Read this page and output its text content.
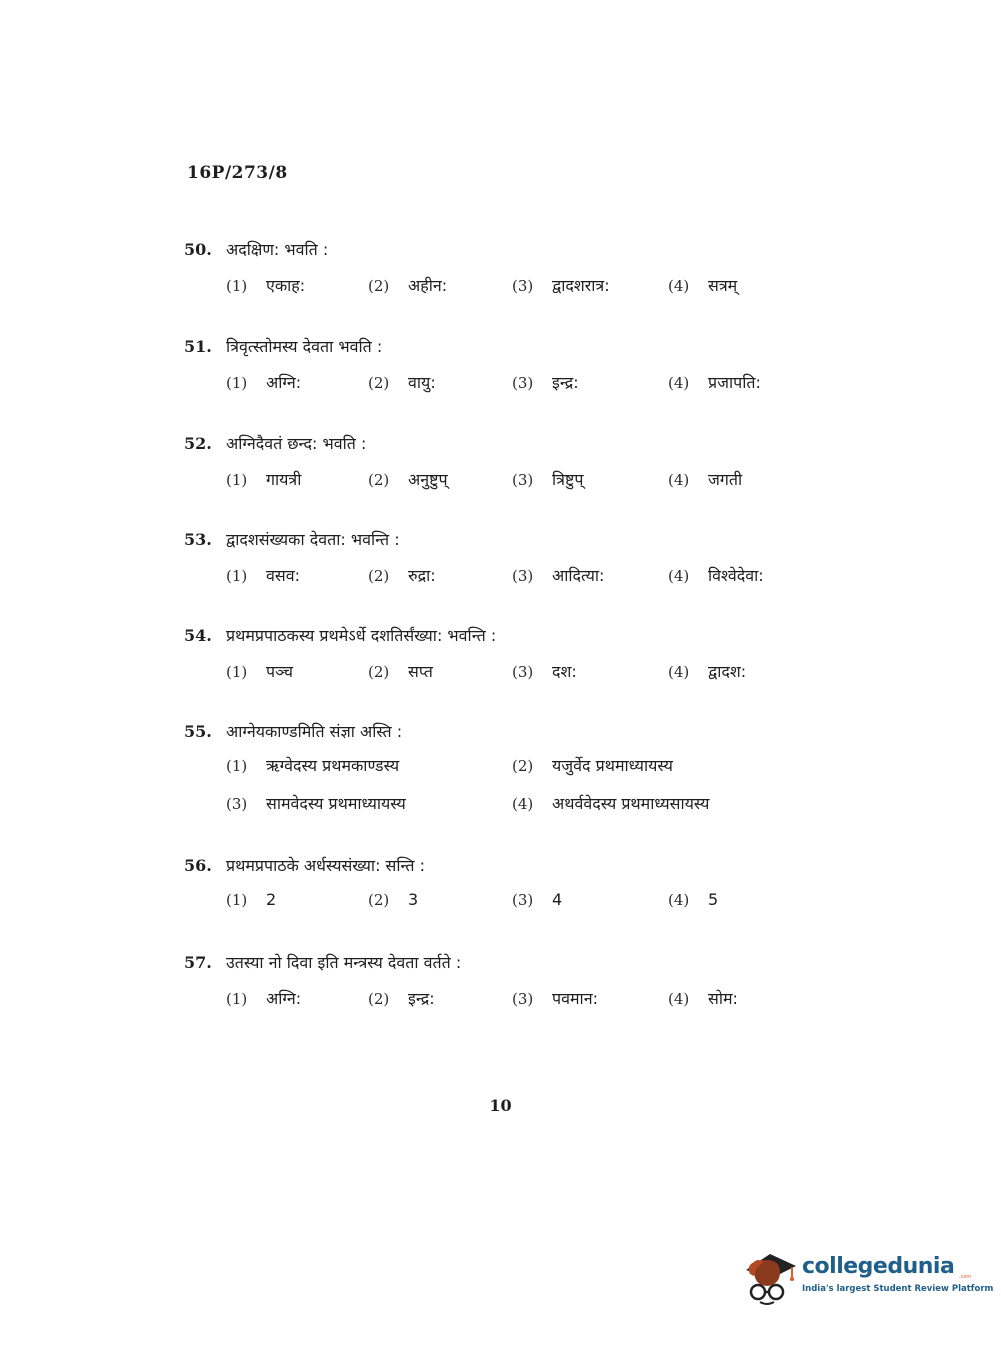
16P/273/8
50. अदक्षिण: भवति :
(1)	एकाह:	(2)	अहीन:	(3)	द्वादशरात्र:	(4)	सत्रम्
51. त्रिवृत्स्तोमस्य देवता भवति :
(1)	अग्नि:	(2)	वायु:	(3)	इन्द्र:	(4)	प्रजापति:
52. अग्निदैवतं छन्द: भवति :
(1)	गायत्री	(2)	अनुष्टुप्	(3)	त्रिष्टुप्	(4)	जगती
53. द्वादशसंख्यका देवता: भवन्ति :
(1)	वसव:	(2)	रुद्रा:	(3)	आदित्या:	(4)	विश्वेदेवा:
54. प्रथमप्रपाठकस्य प्रथमेऽर्धे दशतिर्संख्या: भवन्ति :
(1)	पञ्च	(2)	सप्त	(3)	दश:	(4)	द्वादश:
55. आग्नेयकाण्डमिति संज्ञा अस्ति :
(1)	ऋग्वेदस्य प्रथमकाण्डस्य	(2)	यजुर्वेद प्रथमाध्यायस्य
(3)	सामवेदस्य प्रथमाध्यायस्य	(4)	अथर्ववेदस्य प्रथमाध्यसायस्य
56. प्रथमप्रपाठके अर्धस्यसंख्या: सन्ति :
(1)	2	(2)	3	(3)	4	(4)	5
57. उतस्या नो दिवा इति मन्त्रस्य देवता वर्तते :
(1)	अग्नि:	(2)	इन्द्र:	(3)	पवमान:	(4)	सोम:
10
collegedunia .com
India's largest Student Review Platform
